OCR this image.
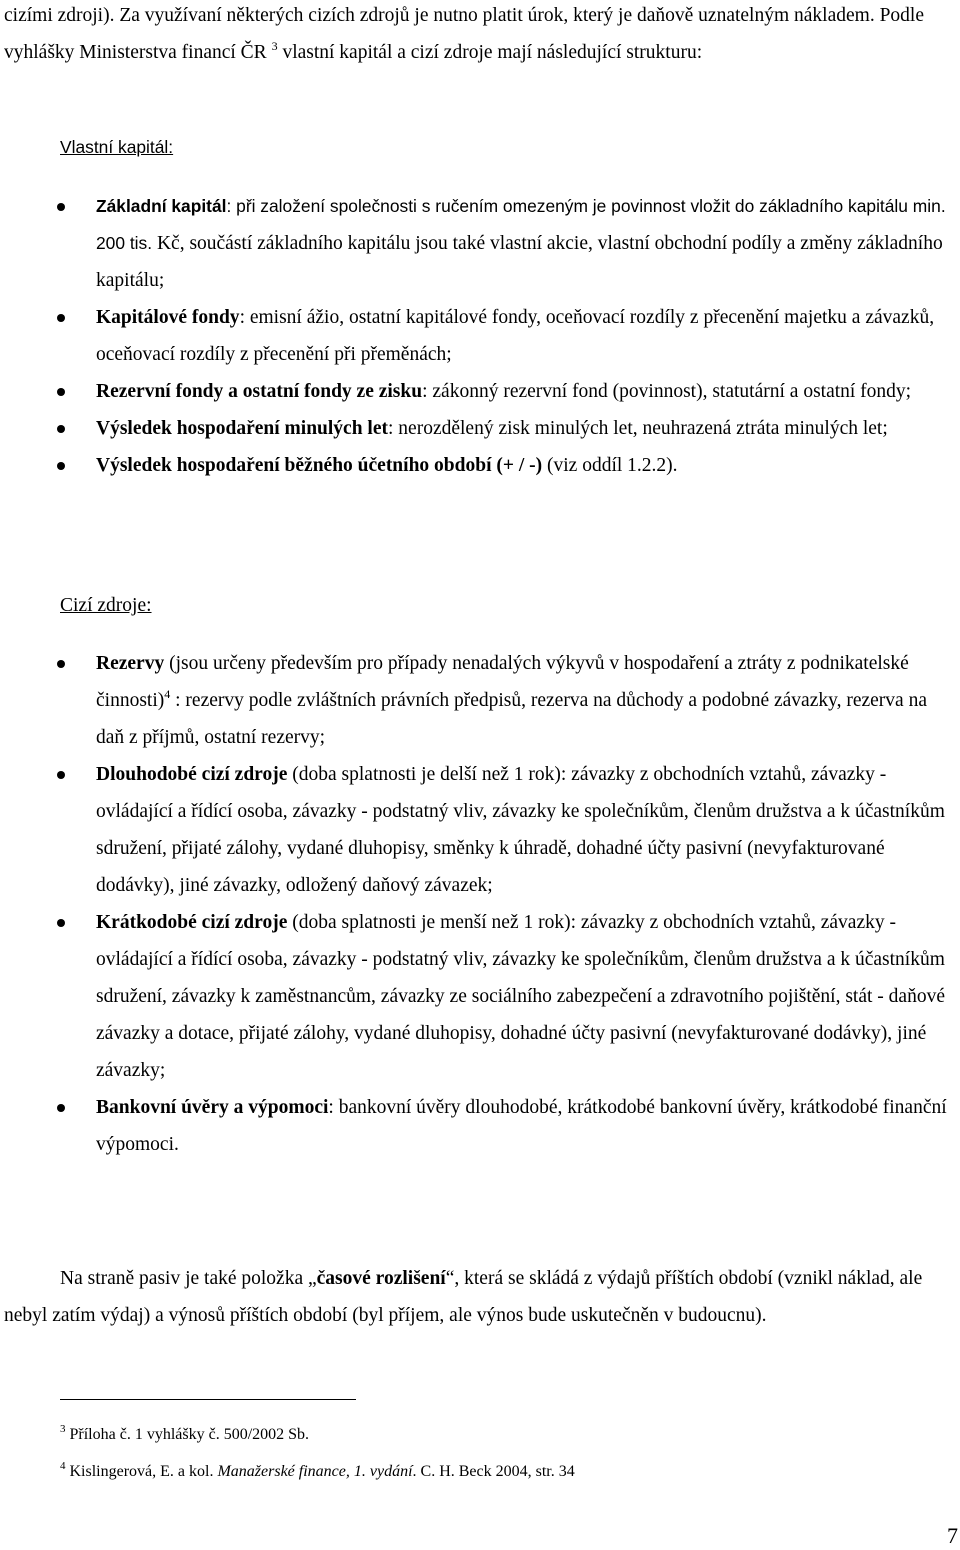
cizími zdroji). Za využívaní některých cizích zdrojů je nutno platit úrok, který je daňově uznatelným nákladem. Podle vyhlášky Ministerstva financí ČR $^3$ vlastní kapitál a cizí zdroje mají následující strukturu:
Vlastní kapitál:
Základní kapitál: při založení společnosti s ručením omezeným je povinnost vložit do základního kapitálu min. 200 tis. Kč, součástí základního kapitálu jsou také vlastní akcie, vlastní obchodní podíly a změny základního kapitálu;
Kapitálové fondy: emisní ážio, ostatní kapitálové fondy, oceňovací rozdíly z přecenění majetku a závazků, oceňovací rozdíly z přecenění při přeměnách;
Rezervní fondy a ostatní fondy ze zisku: zákonný rezervní fond (povinnost), statutární a ostatní fondy;
Výsledek hospodaření minulých let: nerozdělený zisk minulých let, neuhrazená ztráta minulých let;
Výsledek hospodaření běžného účetního období (+ / -) (viz oddíl 1.2.2).
Cizí zdroje:
Rezervy (jsou určeny především pro případy nenadalých výkyvů v hospodaření a ztráty z podnikatelské činnosti)$^4$ : rezervy podle zvláštních právních předpisů, rezerva na důchody a podobné závazky, rezerva na daň z příjmů, ostatní rezervy;
Dlouhodobé cizí zdroje (doba splatnosti je delší než 1 rok): závazky z obchodních vztahů, závazky - ovládající a řídící osoba, závazky - podstatný vliv, závazky ke společníkům, členům družstva a k účastníkům sdružení, přijaté zálohy, vydané dluhopisy, směnky k úhradě, dohadné účty pasivní (nevyfakturované dodávky), jiné závazky, odložený daňový závazek;
Krátkodobé cizí zdroje (doba splatnosti je menší než 1 rok): závazky z obchodních vztahů, závazky - ovládající a řídící osoba, závazky - podstatný vliv, závazky ke společníkům, členům družstva a k účastníkům sdružení, závazky k zaměstnancům, závazky ze sociálního zabezpečení a zdravotního pojištění, stát - daňové závazky a dotace, přijaté zálohy, vydané dluhopisy, dohadné účty pasivní (nevyfakturované dodávky), jiné závazky;
Bankovní úvěry a výpomoci: bankovní úvěry dlouhodobé, krátkodobé bankovní úvěry, krátkodobé finanční výpomoci.
Na straně pasiv je také položka „časové rozlišení“, která se skládá z výdajů příštích období (vznikl náklad, ale nebyl zatím výdaj) a výnosů příštích období (byl příjem, ale výnos bude uskutečněn v budoucnu).
$^3$ Příloha č. 1 vyhlášky č. 500/2002 Sb.
$^4$ Kislingerová, E. a kol. Manažerské finance, 1. vydání. C. H. Beck 2004, str. 34
7
